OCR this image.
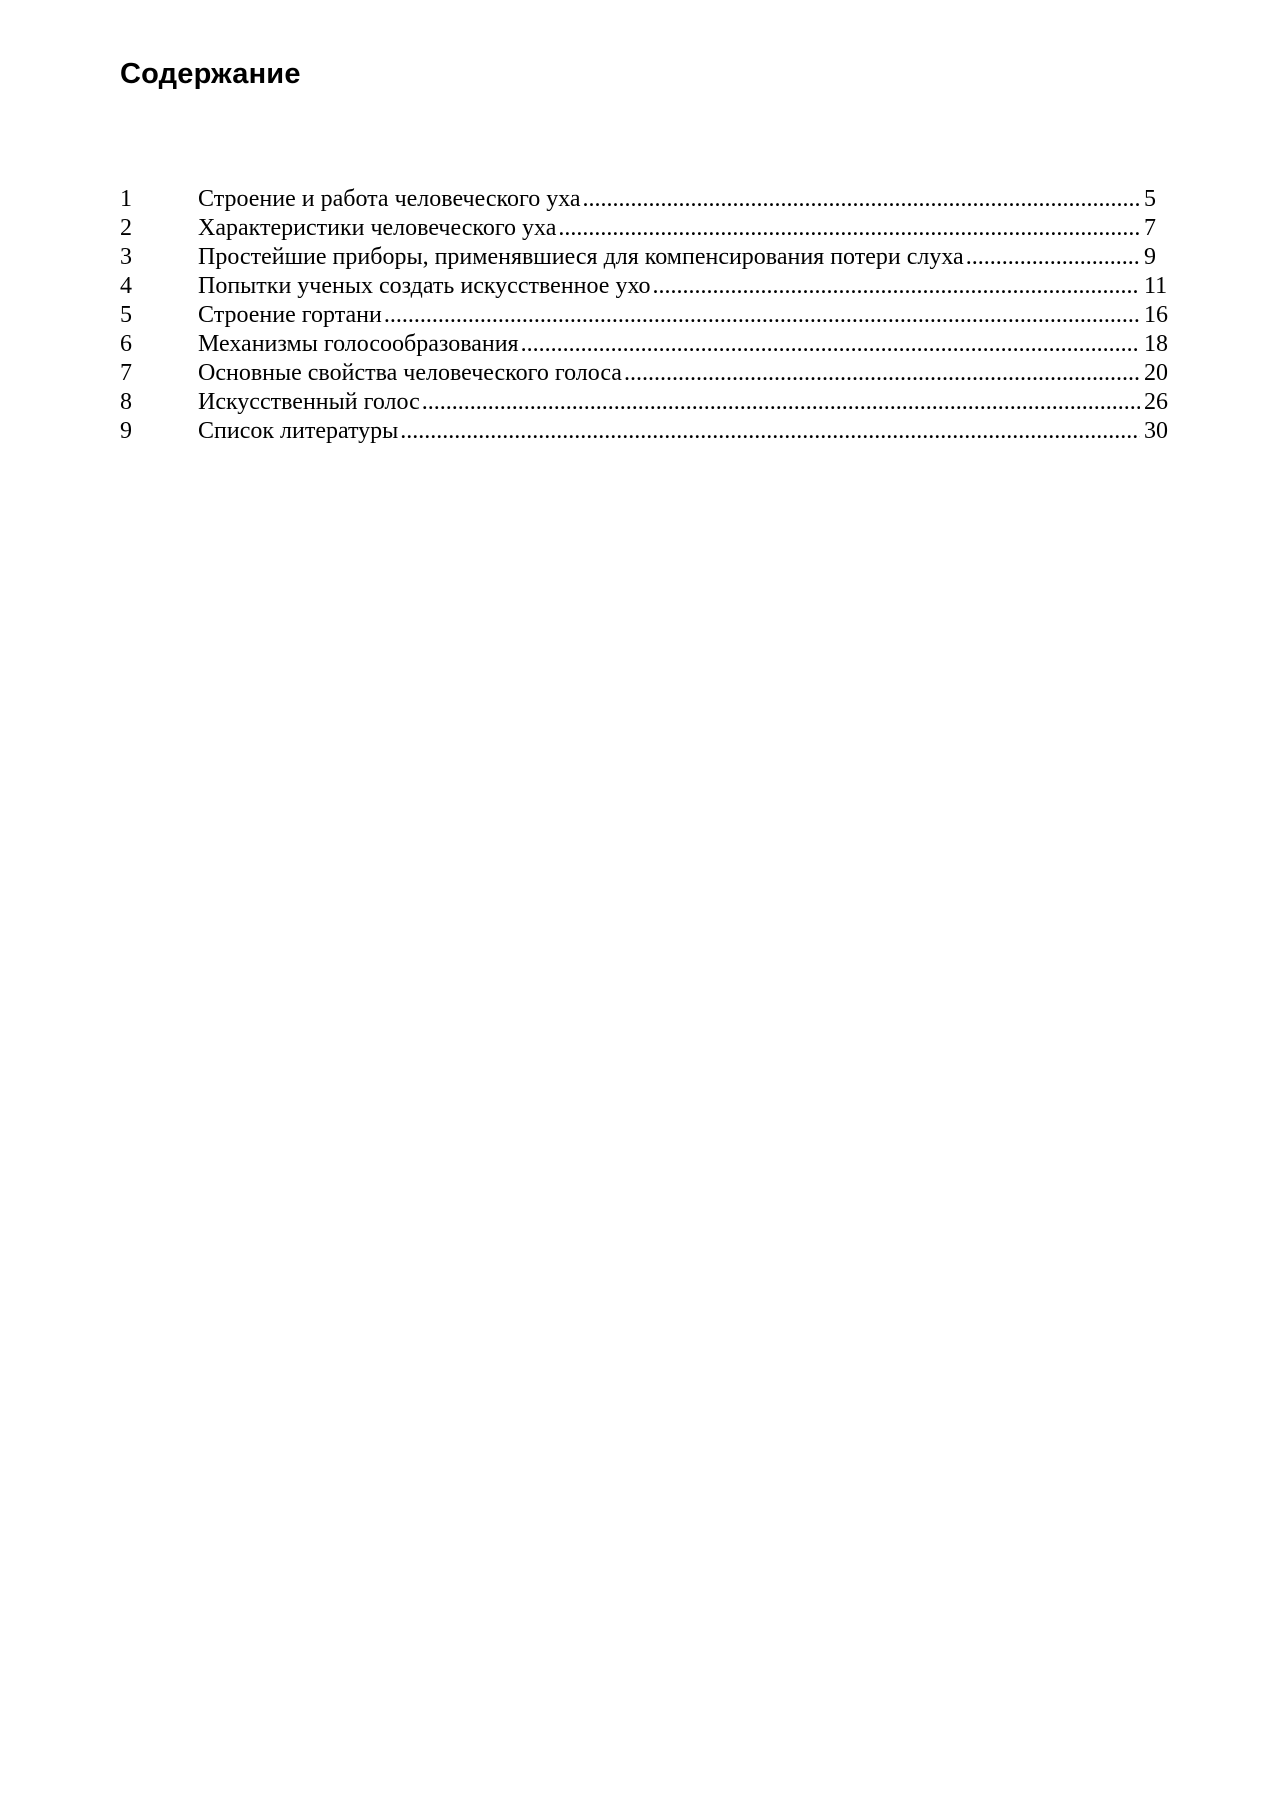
Содержание
1	Строение и работа человеческого уха . . .	5
2	Характеристики человеческого уха . . .	7
3	Простейшие приборы, применявшиеся для компенсирования потери слуха . . .	9
4	Попытки ученых создать искусственное ухо . . .	11
5	Строение гортани . . .	16
6	Механизмы голосообразования . . .	18
7	Основные свойства человеческого голоса . . .	20
8	Искусственный голос . . .	26
9	Список литературы . . .	30
